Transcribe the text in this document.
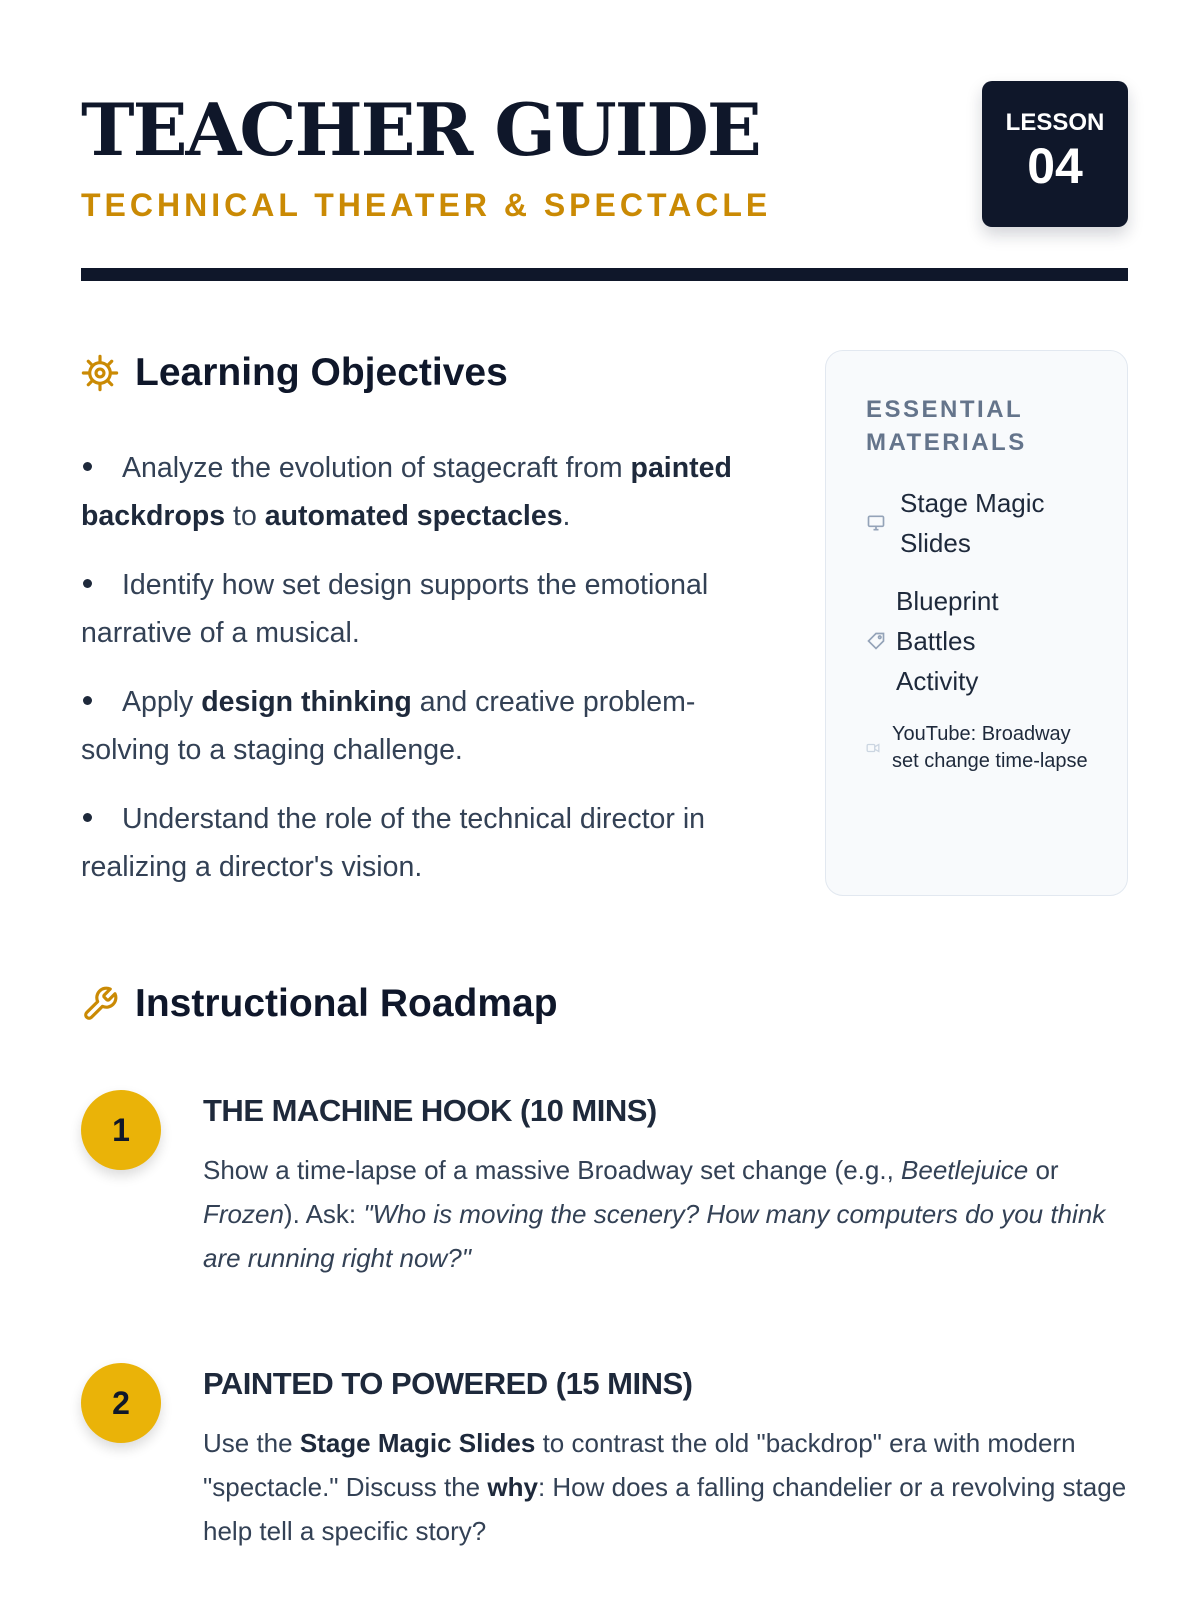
TEACHER GUIDE
TECHNICAL THEATER & SPECTACLE
LESSON
04
Learning Objectives
Analyze the evolution of stagecraft from painted backdrops to automated spectacles.
Identify how set design supports the emotional narrative of a musical.
Apply design thinking and creative problem-solving to a staging challenge.
Understand the role of the technical director in realizing a director's vision.
ESSENTIAL MATERIALS
Stage Magic Slides
Blueprint Battles Activity
YouTube: Broadway set change time-lapse
Instructional Roadmap
1
THE MACHINE HOOK (10 MINS)
Show a time-lapse of a massive Broadway set change (e.g., Beetlejuice or Frozen). Ask: "Who is moving the scenery? How many computers do you think are running right now?"
2
PAINTED TO POWERED (15 MINS)
Use the Stage Magic Slides to contrast the old "backdrop" era with modern "spectacle." Discuss the why: How does a falling chandelier or a revolving stage help tell a specific story?
